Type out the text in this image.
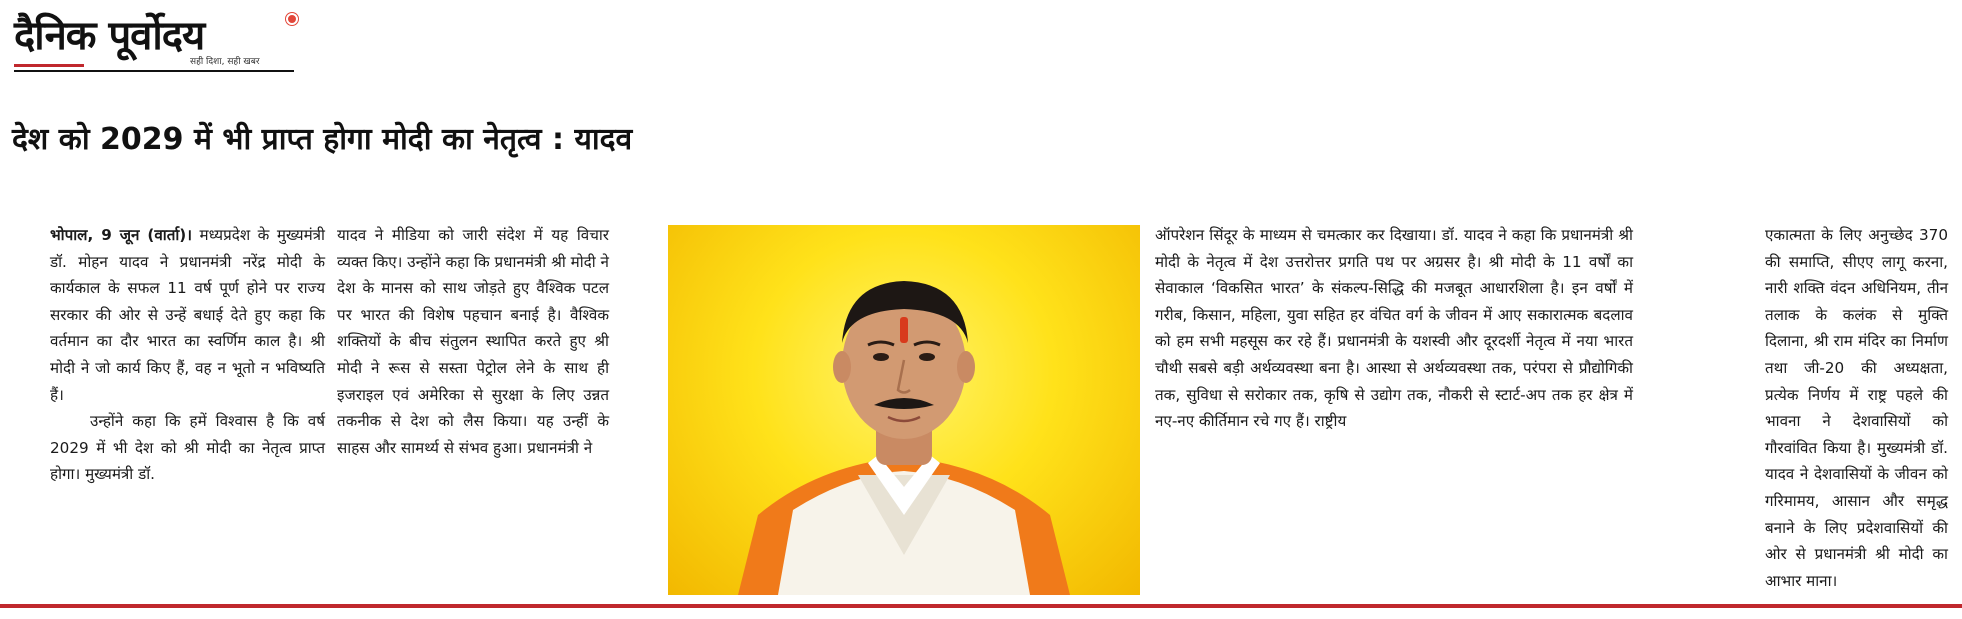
दैनिक पूर्वोदय
सही दिशा, सही खबर
देश को 2029 में भी प्राप्त होगा मोदी का नेतृत्व : यादव

भोपाल, 9 जून (वार्ता)। मध्यप्रदेश के मुख्यमंत्री डॉ. मोहन यादव ने प्रधानमंत्री नरेंद्र मोदी के कार्यकाल के सफल 11 वर्ष पूर्ण होने पर राज्य सरकार की ओर से उन्हें बधाई देते हुए कहा कि वर्तमान का दौर भारत का स्वर्णिम काल है। श्री मोदी ने जो कार्य किए हैं, वह न भूतो न भविष्यति हैं।

उन्होंने कहा कि हमें विश्वास है कि वर्ष 2029 में भी देश को श्री मोदी का नेतृत्व प्राप्त होगा। मुख्यमंत्री डॉ.

यादव ने मीडिया को जारी संदेश में यह विचार व्यक्त किए। उन्होंने कहा कि प्रधानमंत्री श्री मोदी ने देश के मानस को साथ जोड़ते हुए वैश्विक पटल पर भारत की विशेष पहचान बनाई है। वैश्विक शक्तियों के बीच संतुलन स्थापित करते हुए श्री मोदी ने रूस से सस्ता पेट्रोल लेने के साथ ही इजराइल एवं अमेरिका से सुरक्षा के लिए उन्नत तकनीक से देश को लैस किया। यह उन्हीं के साहस और सामर्थ्य से संभव हुआ। प्रधानमंत्री ने

ऑपरेशन सिंदूर के माध्यम से चमत्कार कर दिखाया। डॉ. यादव ने कहा कि प्रधानमंत्री श्री मोदी के नेतृत्व में देश उत्तरोत्तर प्रगति पथ पर अग्रसर है। श्री मोदी के 11 वर्षों का सेवाकाल ‘विकसित भारत’ के संकल्प-सिद्धि की मजबूत आधारशिला है। इन वर्षों में गरीब, किसान, महिला, युवा सहित हर वंचित वर्ग के जीवन में आए सकारात्मक बदलाव को हम सभी महसूस कर रहे हैं। प्रधानमंत्री के यशस्वी और दूरदर्शी नेतृत्व में नया भारत चौथी सबसे बड़ी अर्थव्यवस्था बना है। आस्था से अर्थव्यवस्था तक, परंपरा से प्रौद्योगिकी तक, सुविधा से सरोकार तक, कृषि से उद्योग तक, नौकरी से स्टार्ट-अप तक हर क्षेत्र में नए-नए कीर्तिमान रचे गए हैं। राष्ट्रीय

एकात्मता के लिए अनुच्छेद 370 की समाप्ति, सीएए लागू करना, नारी शक्ति वंदन अधिनियम, तीन तलाक के कलंक से मुक्ति दिलाना, श्री राम मंदिर का निर्माण तथा जी-20 की अध्यक्षता, प्रत्येक निर्णय में राष्ट्र पहले की भावना ने देशवासियों को गौरवांवित किया है। मुख्यमंत्री डॉ. यादव ने देशवासियों के जीवन को गरिमामय, आसान और समृद्ध बनाने के लिए प्रदेशवासियों की ओर से प्रधानमंत्री श्री मोदी का आभार माना।
